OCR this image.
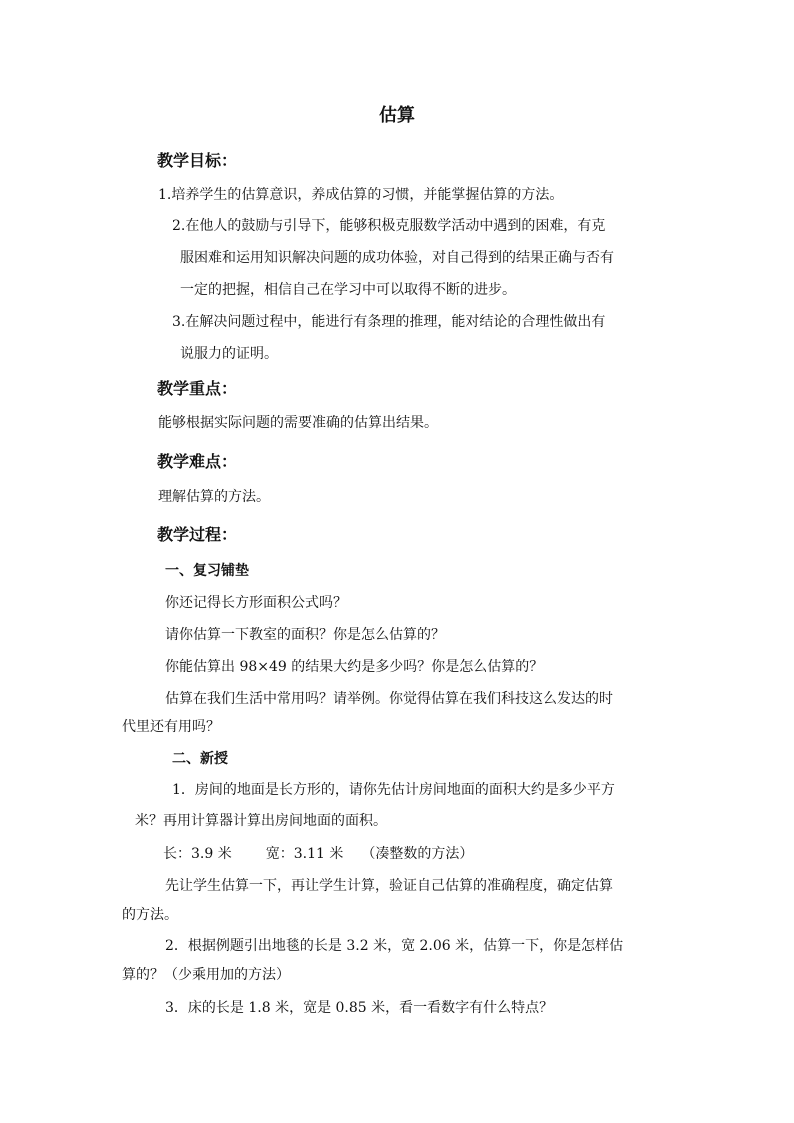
估算
教学目标：
1.培养学生的估算意识，养成估算的习惯，并能掌握估算的方法。
2.在他人的鼓励与引导下，能够积极克服数学活动中遇到的困难，有克
服困难和运用知识解决问题的成功体验，对自己得到的结果正确与否有
一定的把握，相信自己在学习中可以取得不断的进步。
3.在解决问题过程中，能进行有条理的推理，能对结论的合理性做出有
说服力的证明。
教学重点：
能够根据实际问题的需要准确的估算出结果。
教学难点：
理解估算的方法。
教学过程：
一、复习铺垫
你还记得长方形面积公式吗？
请你估算一下教室的面积？你是怎么估算的？
你能估算出 98×49 的结果大约是多少吗？你是怎么估算的？
估算在我们生活中常用吗？请举例。你觉得估算在我们科技这么发达的时
代里还有用吗？
二、新授
1．房间的地面是长方形的，请你先估计房间地面的面积大约是多少平方
米？再用计算器计算出房间地面的面积。
长：3.9 米 宽：3.11 米 （凑整数的方法）
先让学生估算一下，再让学生计算，验证自己估算的准确程度，确定估算
的方法。
2．根据例题引出地毯的长是 3.2 米，宽 2.06 米，估算一下，你是怎样估
算的？（少乘用加的方法）
3．床的长是 1.8 米，宽是 0.85 米，看一看数字有什么特点？
